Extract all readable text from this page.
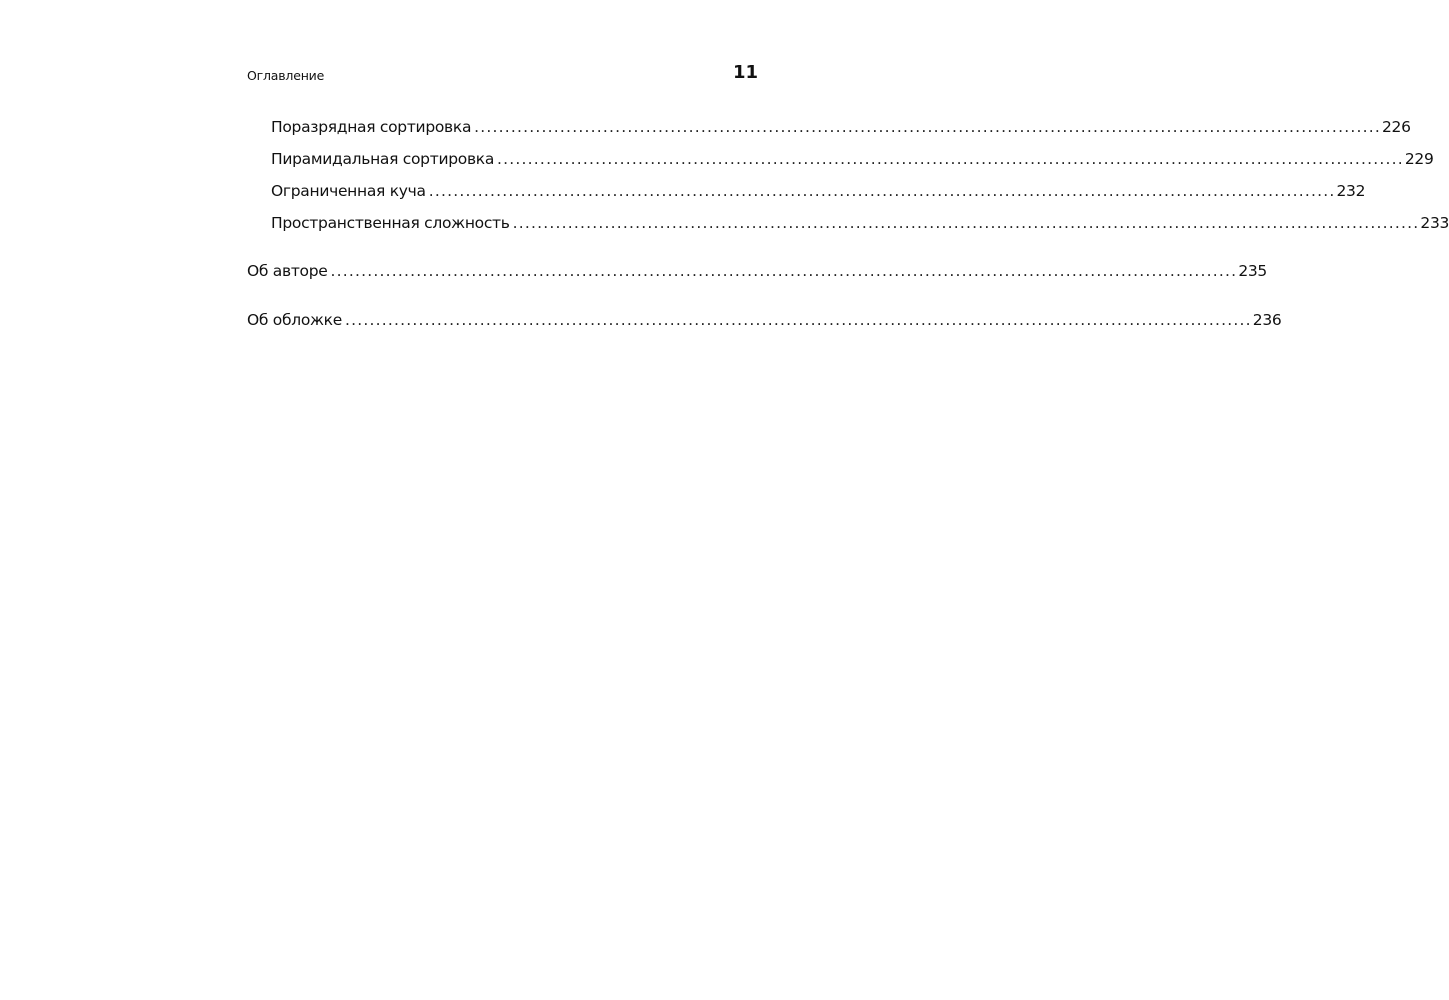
Оглавление	11
Поразрядная сортировка .................................................................................................................................................... 226
Пирамидальная сортировка .................................................................................................................................................... 229
Ограниченная куча .................................................................................................................................................... 232
Пространственная сложность .................................................................................................................................................... 233
Об авторе .................................................................................................................................................... 235
Об обложке .................................................................................................................................................... 236
